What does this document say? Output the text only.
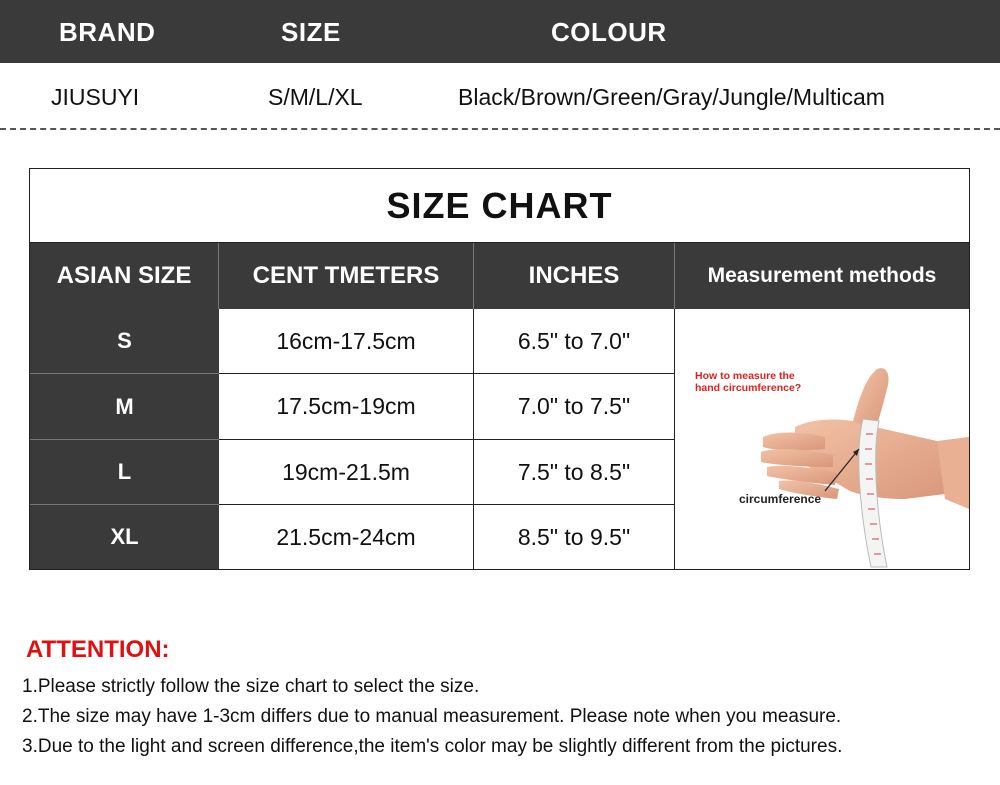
BRAND	SIZE	COLOUR
JIUSUYI	S/M/L/XL	Black/Brown/Green/Gray/Jungle/Multicam
SIZE CHART
ASIAN SIZE	CENT TMETERS	INCHES	Measurement methods
S	16cm-17.5cm	6.5" to 7.0"
M	17.5cm-19cm	7.0" to 7.5"
L	19cm-21.5m	7.5" to 8.5"
XL	21.5cm-24cm	8.5" to 9.5"
How to measure the
hand circumference?
circumference
ATTENTION:
1.Please strictly follow the size chart to select the size.
2.The size may have 1-3cm differs due to manual measurement. Please note when you measure.
3.Due to the light and screen difference,the item's color may be slightly different from the pictures.
